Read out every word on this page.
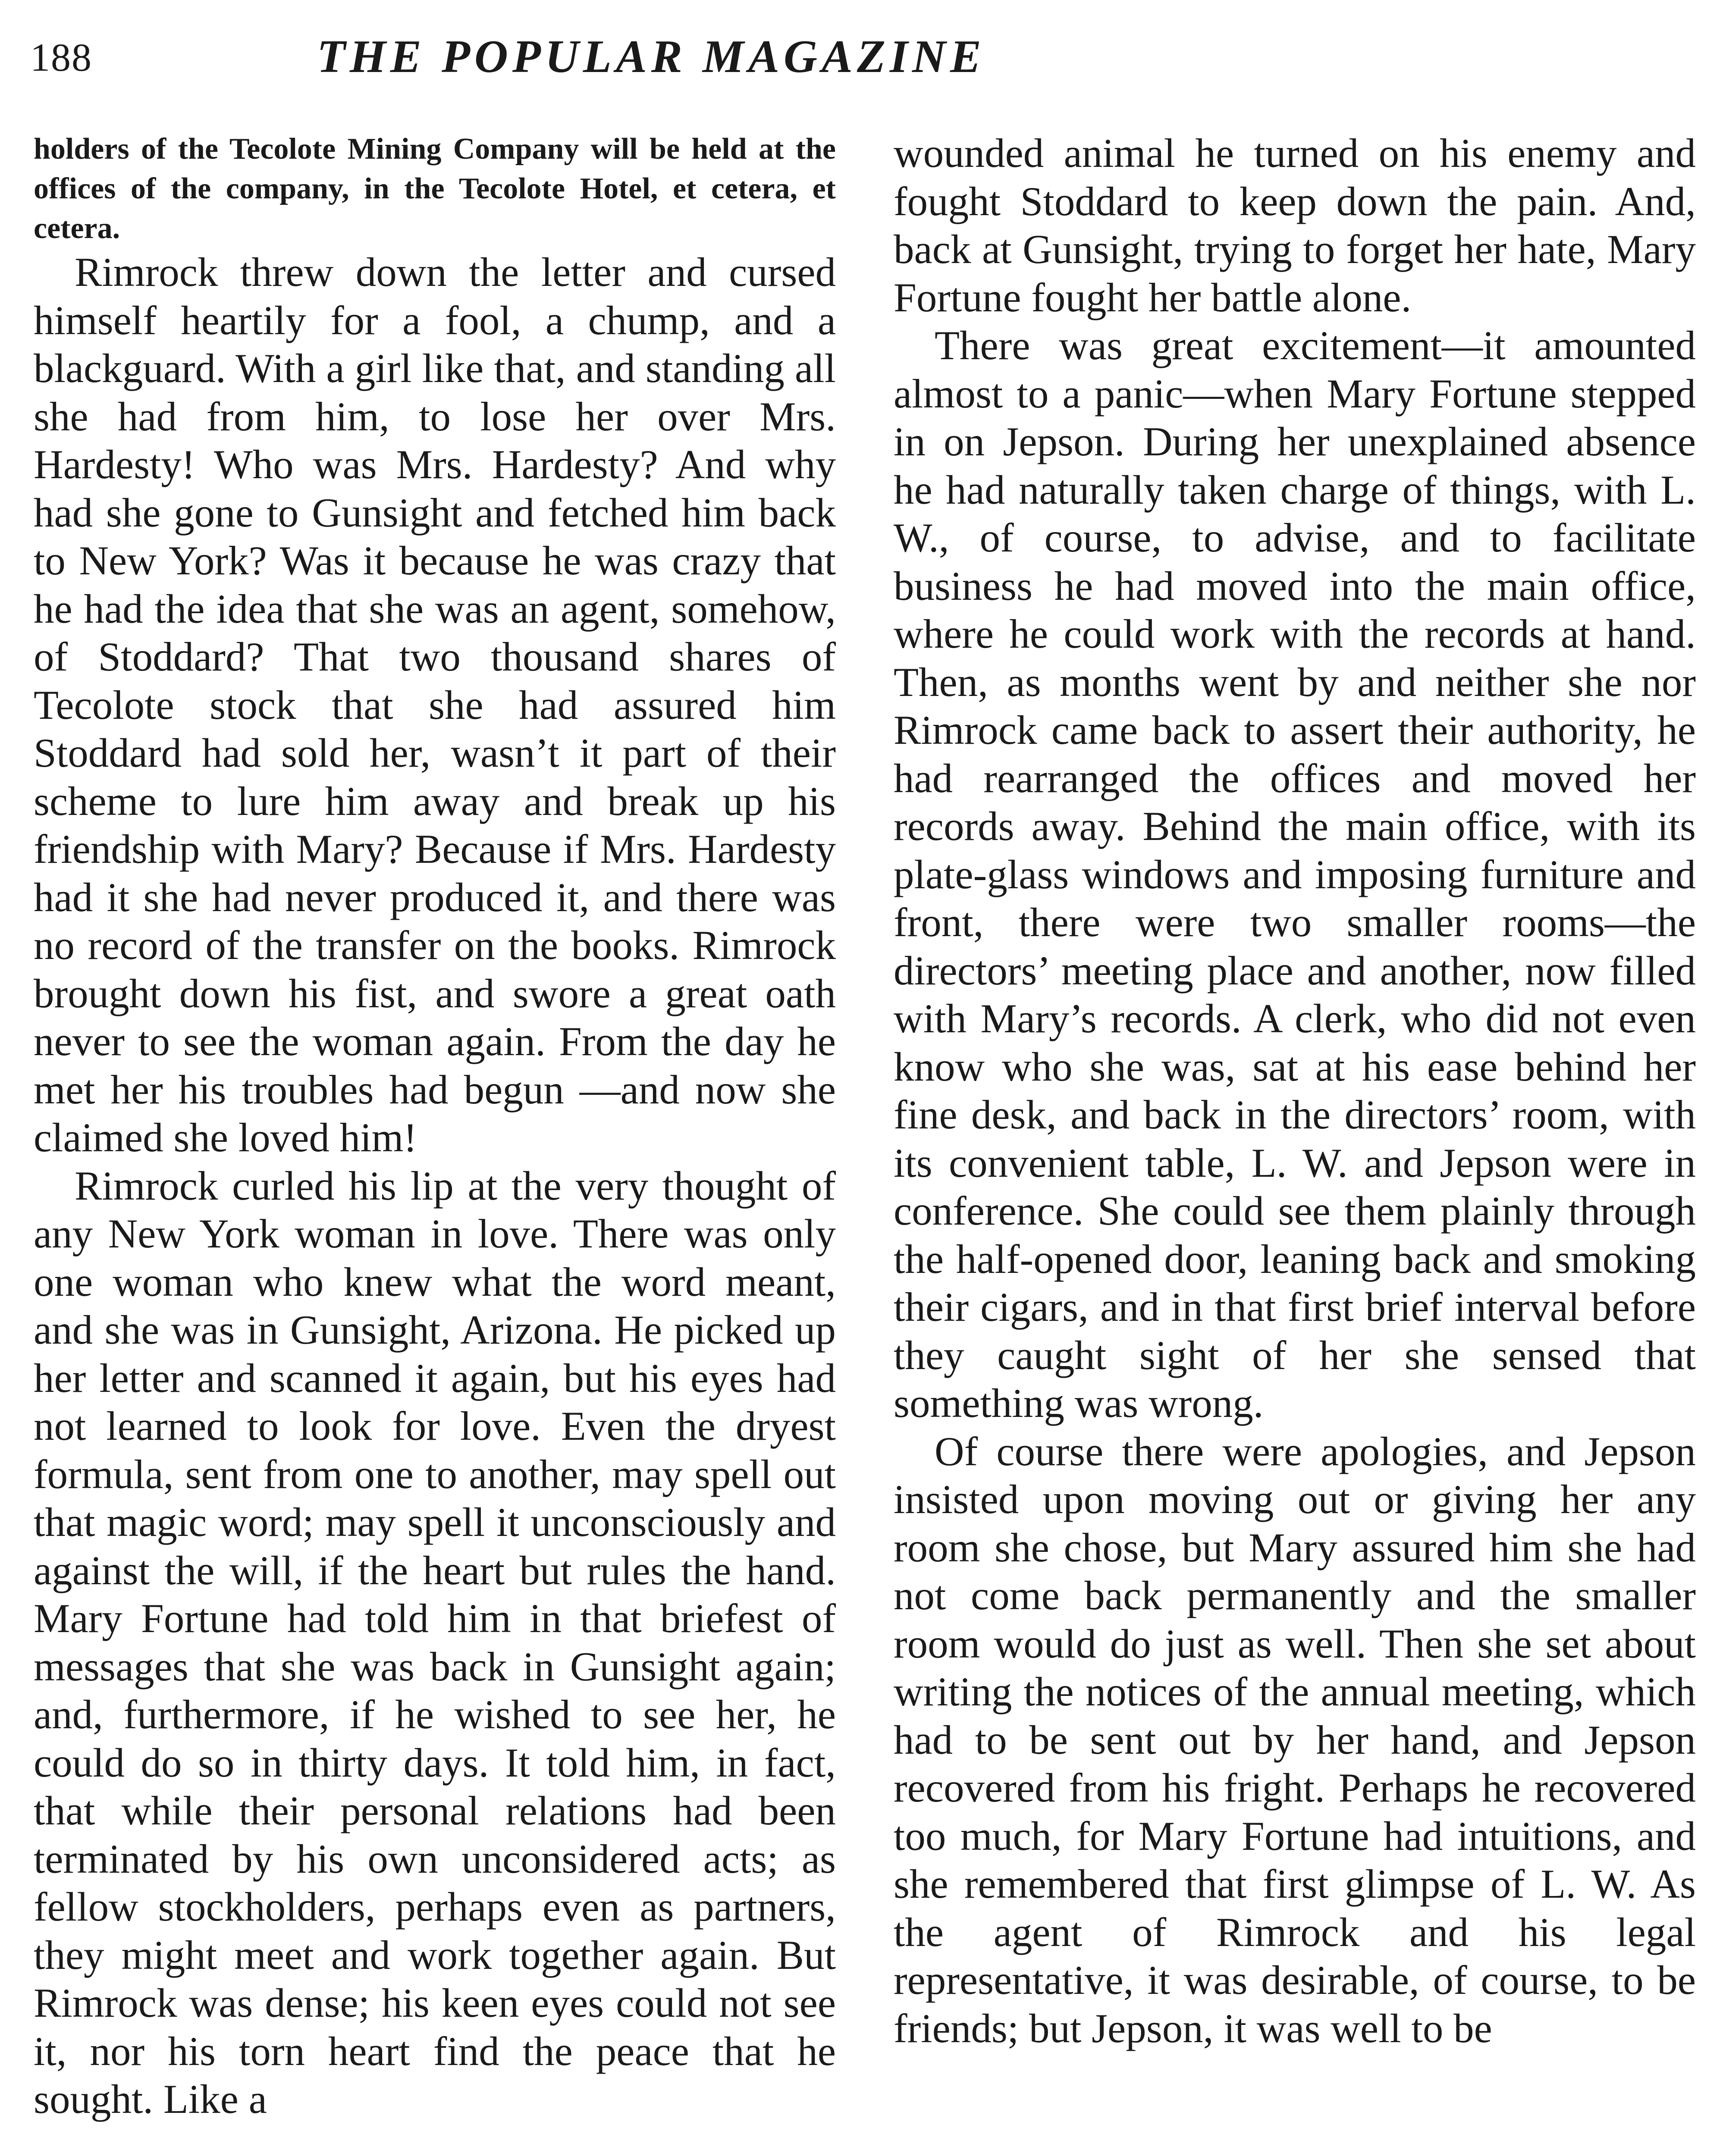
188	THE POPULAR MAGAZINE

holders of the Tecolote Mining Company will be held at the offices of the company, in the Tecolote Hotel, et cetera, et cetera.

Rimrock threw down the letter and cursed himself heartily for a fool, a chump, and a blackguard. With a girl like that, and standing all she had from him, to lose her over Mrs. Hardesty! Who was Mrs. Hardesty? And why had she gone to Gunsight and fetched him back to New York? Was it because he was crazy that he had the idea that she was an agent, somehow, of Stoddard? That two thousand shares of Tecolote stock that she had assured him Stoddard had sold her, wasn’t it part of their scheme to lure him away and break up his friendship with Mary? Because if Mrs. Hardesty had it she had never produced it, and there was no record of the transfer on the books. Rimrock brought down his fist, and swore a great oath never to see the woman again. From the day he met her his troubles had begun —and now she claimed she loved him!

Rimrock curled his lip at the very thought of any New York woman in love. There was only one woman who knew what the word meant, and she was in Gunsight, Arizona. He picked up her letter and scanned it again, but his eyes had not learned to look for love. Even the dryest formula, sent from one to another, may spell out that magic word; may spell it unconsciously and against the will, if the heart but rules the hand. Mary Fortune had told him in that briefest of messages that she was back in Gunsight again; and, furthermore, if he wished to see her, he could do so in thirty days. It told him, in fact, that while their personal relations had been terminated by his own unconsidered acts; as fellow stockholders, perhaps even as partners, they might meet and work together again. But Rimrock was dense; his keen eyes could not see it, nor his torn heart find the peace that he sought. Like a

wounded animal he turned on his enemy and fought Stoddard to keep down the pain. And, back at Gunsight, trying to forget her hate, Mary Fortune fought her battle alone.

There was great excitement—it amounted almost to a panic—when Mary Fortune stepped in on Jepson. During her unexplained absence he had naturally taken charge of things, with L. W., of course, to advise, and to facilitate business he had moved into the main office, where he could work with the records at hand. Then, as months went by and neither she nor Rimrock came back to assert their authority, he had rearranged the offices and moved her records away. Behind the main office, with its plate-glass windows and imposing furniture and front, there were two smaller rooms—the directors’ meeting place and another, now filled with Mary’s records. A clerk, who did not even know who she was, sat at his ease behind her fine desk, and back in the directors’ room, with its convenient table, L. W. and Jepson were in conference. She could see them plainly through the half-opened door, leaning back and smoking their cigars, and in that first brief interval before they caught sight of her she sensed that something was wrong.

Of course there were apologies, and Jepson insisted upon moving out or giving her any room she chose, but Mary assured him she had not come back permanently and the smaller room would do just as well. Then she set about writing the notices of the annual meeting, which had to be sent out by her hand, and Jepson recovered from his fright. Perhaps he recovered too much, for Mary Fortune had intuitions, and she remembered that first glimpse of L. W. As the agent of Rimrock and his legal representative, it was desirable, of course, to be friends; but Jepson, it was well to be
